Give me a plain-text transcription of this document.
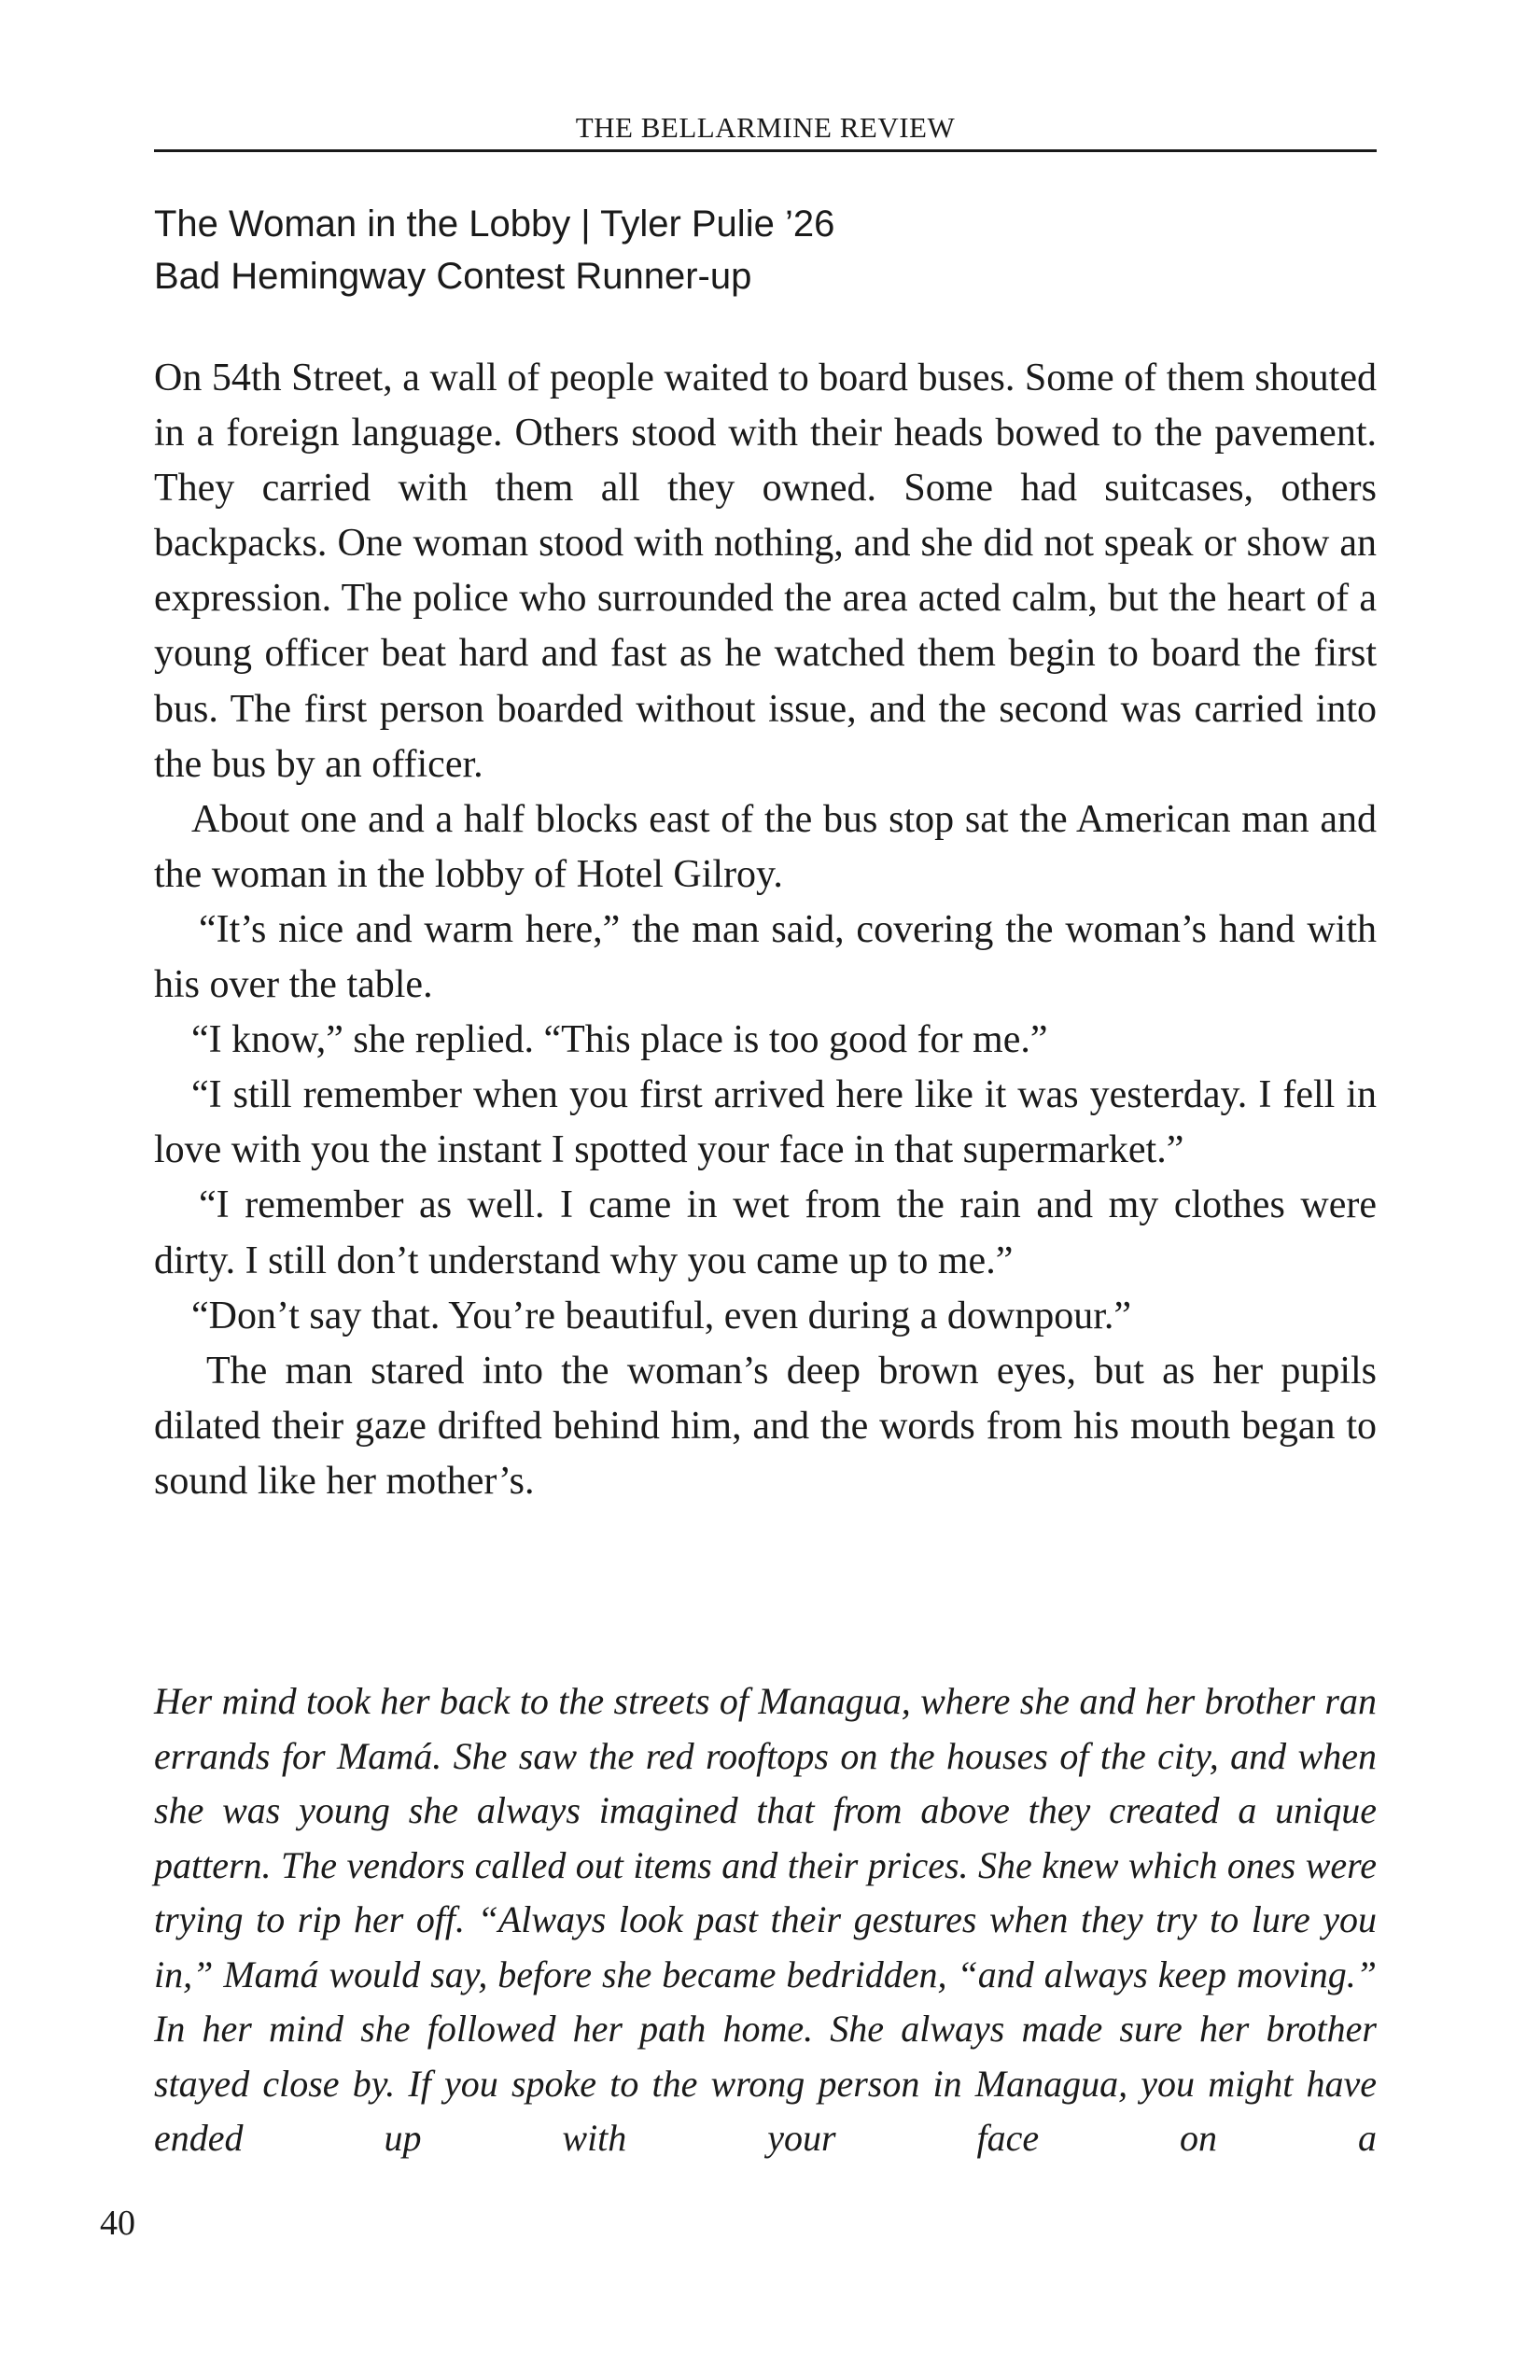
THE BELLARMINE REVIEW
The Woman in the Lobby | Tyler Pulie ’26
Bad Hemingway Contest Runner-up

On 54th Street, a wall of people waited to board buses. Some of them shouted in a foreign language. Others stood with their heads bowed to the pavement. They carried with them all they owned. Some had suitcases, others backpacks. One woman stood with nothing, and she did not speak or show an expression. The police who surrounded the area acted calm, but the heart of a young officer beat hard and fast as he watched them begin to board the first bus. The first person boarded without issue, and the second was carried into the bus by an officer.

About one and a half blocks east of the bus stop sat the American man and the woman in the lobby of Hotel Gilroy.

“It’s nice and warm here,” the man said, covering the woman’s hand with his over the table.

“I know,” she replied. “This place is too good for me.”

“I still remember when you first arrived here like it was yesterday. I fell in love with you the instant I spotted your face in that supermarket.”

“I remember as well. I came in wet from the rain and my clothes were dirty. I still don’t understand why you came up to me.”

“Don’t say that. You’re beautiful, even during a downpour.”

The man stared into the woman’s deep brown eyes, but as her pupils dilated their gaze drifted behind him, and the words from his mouth began to sound like her mother’s.

Her mind took her back to the streets of Managua, where she and her brother ran errands for Mamá. She saw the red rooftops on the houses of the city, and when she was young she always imagined that from above they created a unique pattern. The vendors called out items and their prices. She knew which ones were trying to rip her off. “Always look past their gestures when they try to lure you in,” Mamá would say, before she became bedridden, “and always keep moving.” In her mind she followed her path home. She always made sure her brother stayed close by. If you spoke to the wrong person in Managua, you might have ended up with your face on a

40
